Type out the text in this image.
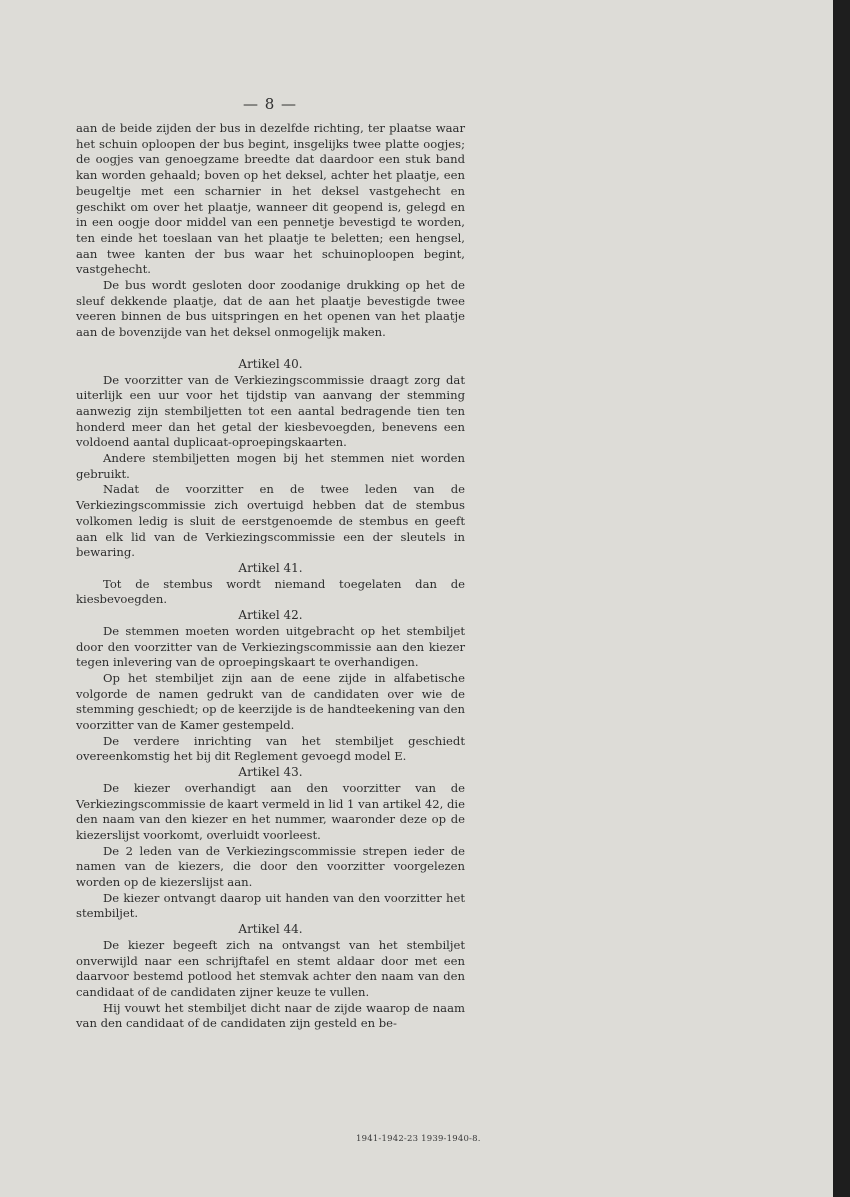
— 8 —

aan de beide zijden der bus in dezelfde richting, ter plaatse waar het schuin oploopen der bus begint, insgelijks twee platte oogjes; de oogjes van genoegzame breedte dat daardoor een stuk band kan worden gehaald; boven op het deksel, achter het plaatje, een beugeltje met een scharnier in het deksel vastgehecht en geschikt om over het plaatje, wanneer dit geopend is, gelegd en in een oogje door middel van een pennetje bevestigd te worden, ten einde het toeslaan van het plaatje te beletten; een hengsel, aan twee kanten der bus waar het schuinoploopen begint, vastgehecht.

De bus wordt gesloten door zoodanige drukking op het de sleuf dekkende plaatje, dat de aan het plaatje bevestigde twee veeren binnen de bus uitspringen en het openen van het plaatje aan de bovenzijde van het deksel onmogelijk maken.

Artikel 40.

De voorzitter van de Verkiezingscommissie draagt zorg dat uiterlijk een uur voor het tijdstip van aanvang der stemming aanwezig zijn stembiljetten tot een aantal bedragende tien ten honderd meer dan het getal der kiesbevoegden, benevens een voldoend aantal duplicaat-oproepingskaarten.

Andere stembiljetten mogen bij het stemmen niet worden gebruikt.

Nadat de voorzitter en de twee leden van de Verkiezingscommissie zich overtuigd hebben dat de stembus volkomen ledig is sluit de eerstgenoemde de stembus en geeft aan elk lid van de Verkiezingscommissie een der sleutels in bewaring.

Artikel 41.

Tot de stembus wordt niemand toegelaten dan de kiesbevoegden.

Artikel 42.

De stemmen moeten worden uitgebracht op het stembiljet door den voorzitter van de Verkiezingscommissie aan den kiezer tegen inlevering van de oproepingskaart te overhandigen.

Op het stembiljet zijn aan de eene zijde in alfabetische volgorde de namen gedrukt van de candidaten over wie de stemming geschiedt; op de keerzijde is de handteekening van den voorzitter van de Kamer gestempeld.

De verdere inrichting van het stembiljet geschiedt overeenkomstig het bij dit Reglement gevoegd model E.

Artikel 43.

De kiezer overhandigt aan den voorzitter van de Verkiezingscommissie de kaart vermeld in lid 1 van artikel 42, die den naam van den kiezer en het nummer, waaronder deze op de kiezerslijst voorkomt, overluidt voorleest.

De 2 leden van de Verkiezingscommissie strepen ieder de namen van de kiezers, die door den voorzitter voorgelezen worden op de kiezerslijst aan.

De kiezer ontvangt daarop uit handen van den voorzitter het stembiljet.

Artikel 44.

De kiezer begeeft zich na ontvangst van het stembiljet onverwijld naar een schrijftafel en stemt aldaar door met een daarvoor bestemd potlood het stemvak achter den naam van den candidaat of de candidaten zijner keuze te vullen.

Hij vouwt het stembiljet dicht naar de zijde waarop de naam van den candidaat of de candidaten zijn gesteld en be-

1941-1942-23 1939-1940-8.
